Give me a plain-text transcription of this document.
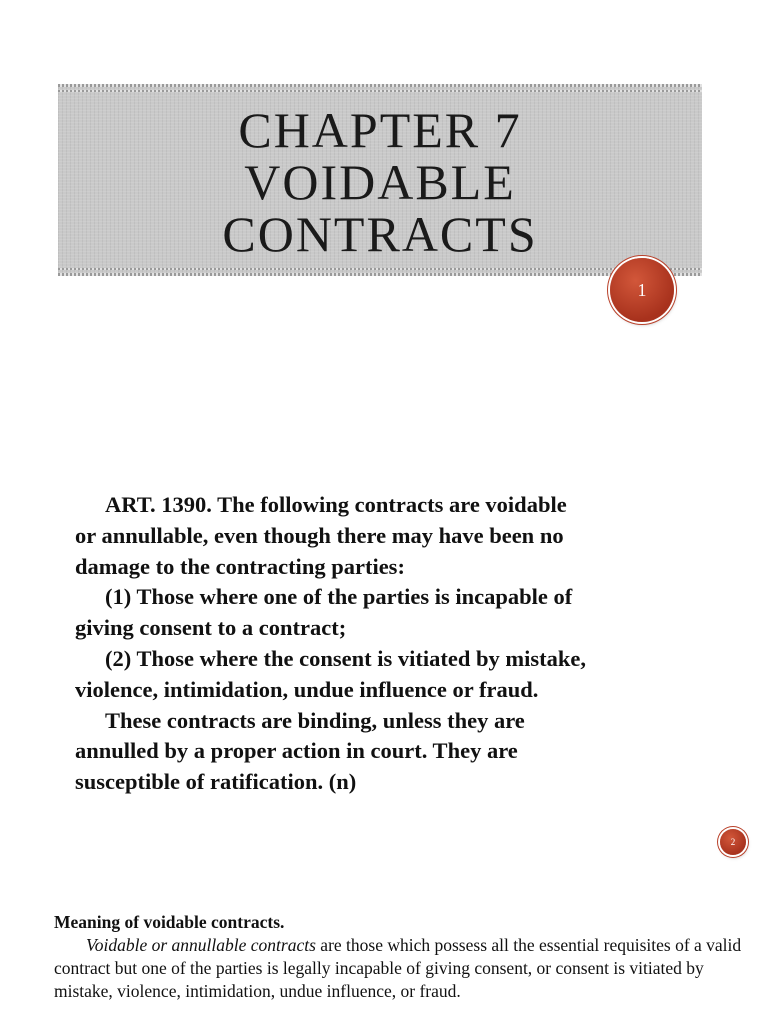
CHAPTER 7
VOIDABLE
CONTRACTS
1

ART. 1390. The following contracts are voidable

or annullable, even though there may have been no

damage to the contracting parties:

(1) Those where one of the parties is incapable of

giving consent to a contract;

(2) Those where the consent is vitiated by mistake,

violence, intimidation, undue influence or fraud.

These contracts are binding, unless they are

annulled by a proper action in court. They are

susceptible of ratification. (n)

2
Meaning of voidable contracts.

Voidable or annullable contracts are those which possess all the essential requisites of a valid contract but one of the parties is legally incapable of giving consent, or consent is vitiated by mistake, violence, intimidation, undue influence, or fraud.
